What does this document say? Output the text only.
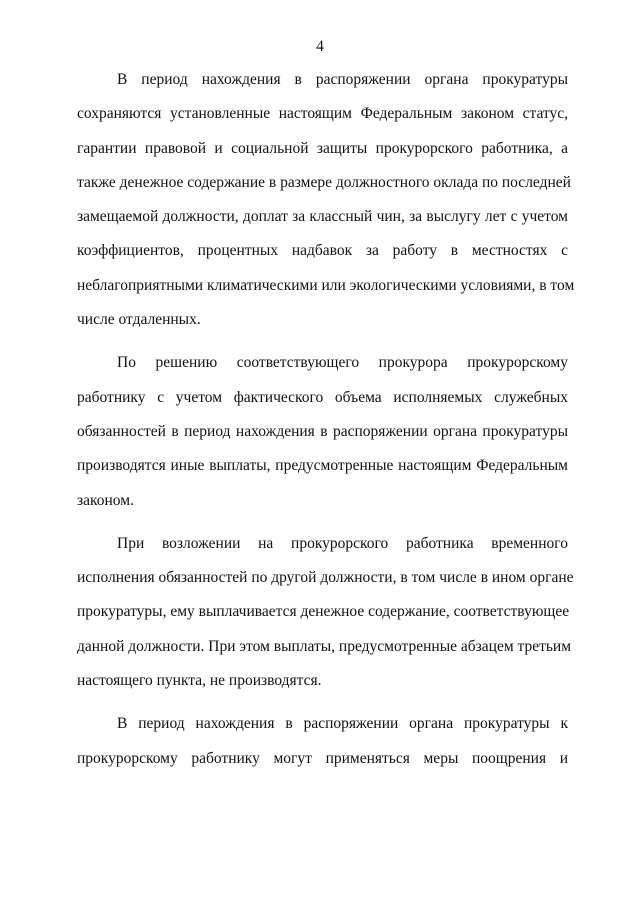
4
В период нахождения в распоряжении органа прокуратуры
сохраняются установленные настоящим Федеральным законом статус,
гарантии правовой и социальной защиты прокурорского работника, а
также денежное содержание в размере должностного оклада по последней
замещаемой должности, доплат за классный чин, за выслугу лет с учетом
коэффициентов, процентных надбавок за работу в местностях с
неблагоприятными климатическими или экологическими условиями, в том
числе отдаленных.
По решению соответствующего прокурора прокурорскому
работнику с учетом фактического объема исполняемых служебных
обязанностей в период нахождения в распоряжении органа прокуратуры
производятся иные выплаты, предусмотренные настоящим Федеральным
законом.
При возложении на прокурорского работника временного
исполнения обязанностей по другой должности, в том числе в ином органе
прокуратуры, ему выплачивается денежное содержание, соответствующее
данной должности. При этом выплаты, предусмотренные абзацем третьим
настоящего пункта, не производятся.
В период нахождения в распоряжении органа прокуратуры к
прокурорскому работнику могут применяться меры поощрения и
